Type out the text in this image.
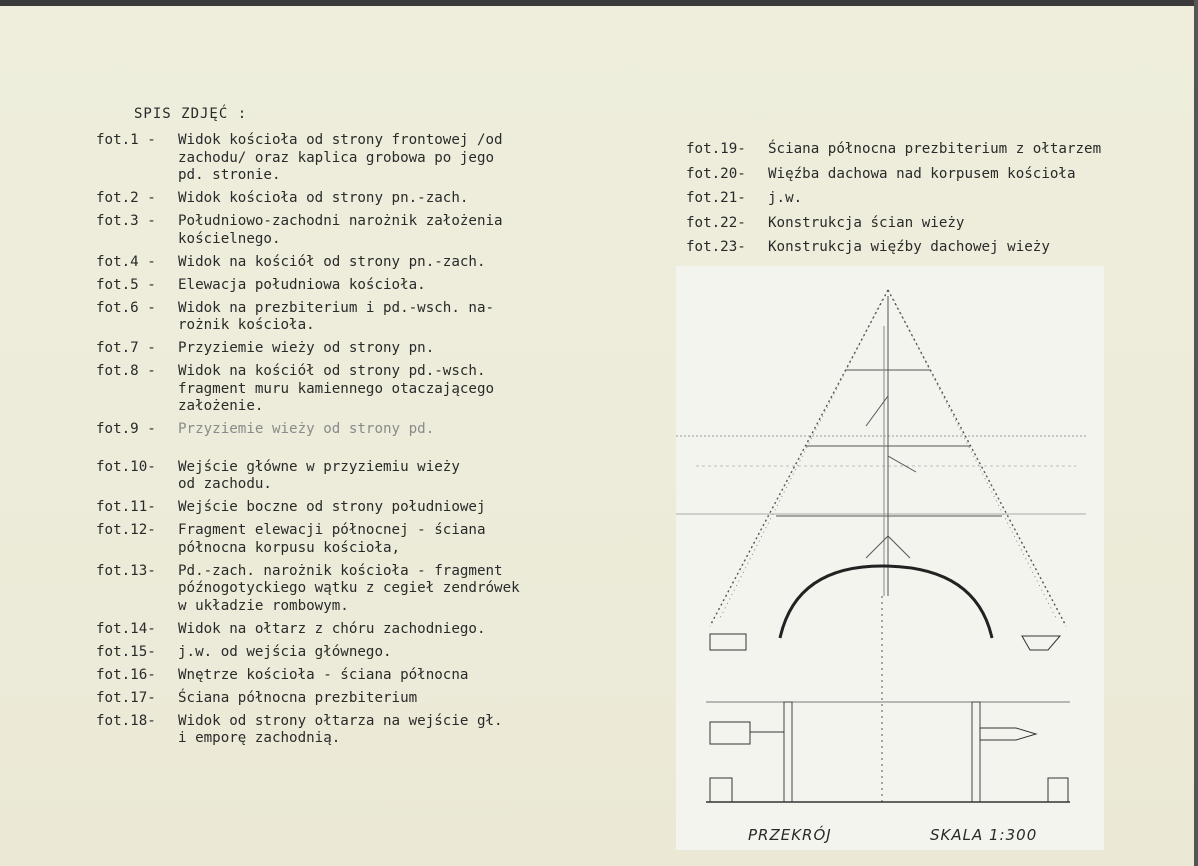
SPIS ZDJĘĆ :
fot.1 -	Widok kościoła od strony frontowej /od
zachodu/ oraz kaplica grobowa po jego
pd. stronie.
fot.2 -	Widok kościoła od strony pn.-zach.
fot.3 -	Południowo-zachodni narożnik założenia
kościelnego.
fot.4 -	Widok na kościół od strony pn.-zach.
fot.5 -	Elewacja południowa kościoła.
fot.6 -	Widok na prezbiterium i pd.-wsch. na-
rożnik kościoła.
fot.7 -	Przyziemie wieży od strony pn.
fot.8 -	Widok na kościół od strony pd.-wsch.
fragment muru kamiennego otaczającego
założenie.
fot.9 -	Przyziemie wieży od strony pd.
fot.10-	Wejście główne w przyziemiu wieży
od zachodu.
fot.11-	Wejście boczne od strony południowej
fot.12-	Fragment elewacji północnej - ściana
północna korpusu kościoła,
fot.13-	Pd.-zach. narożnik kościoła - fragment
późnogotyckiego wątku z cegieł zendrówek
w układzie rombowym.
fot.14-	Widok na ołtarz z chóru zachodniego.
fot.15-	j.w. od wejścia głównego.
fot.16-	Wnętrze kościoła - ściana północna
fot.17-	Ściana północna prezbiterium
fot.18-	Widok od strony ołtarza na wejście gł.
i emporę zachodnią.
fot.19-	Ściana północna prezbiterium z ołtarzem
fot.20-	Więźba dachowa nad korpusem kościoła
fot.21-	j.w.
fot.22-	Konstrukcja ścian wieży
fot.23-	Konstrukcja więźby dachowej wieży
PRZEKRÓJ	SKALA 1:300
